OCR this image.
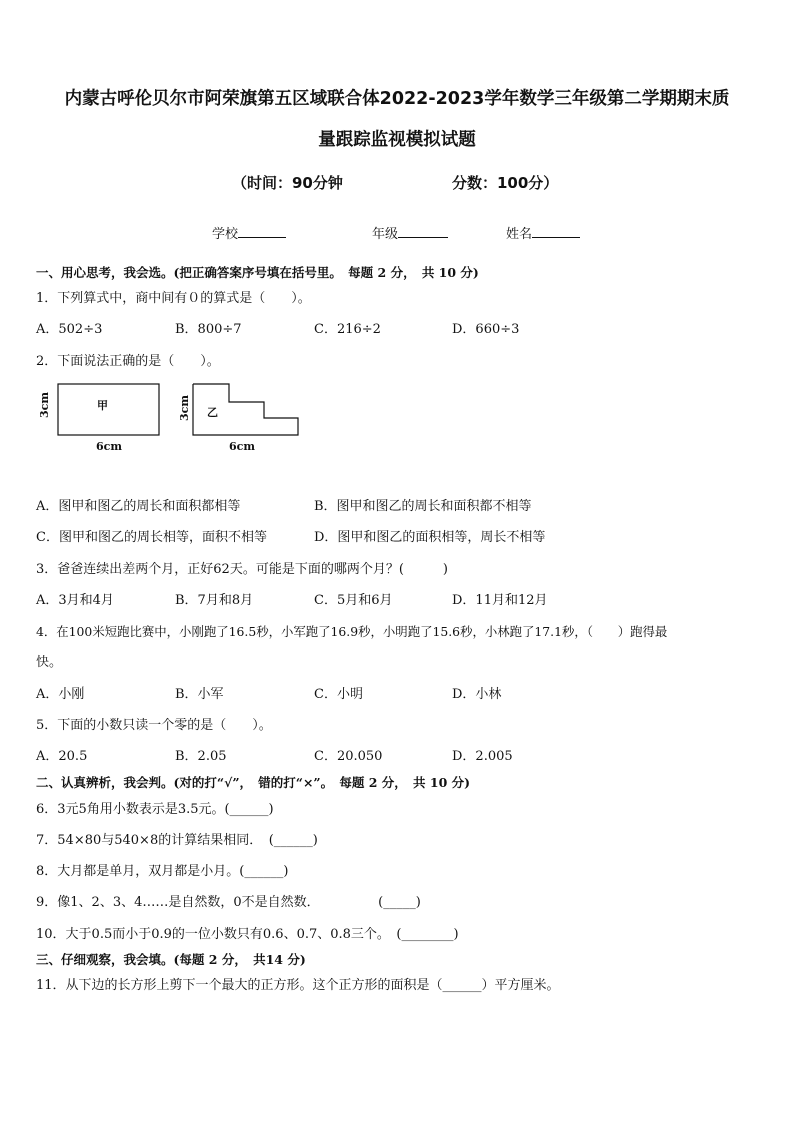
内蒙古呼伦贝尔市阿荣旗第五区域联合体2022-2023学年数学三年级第二学期期末质
量跟踪监视模拟试题
（时间：90分钟	分数：100分）
学校	年级	姓名
一、用心思考，我会选。(把正确答案序号填在括号里。　每题 2 分，　共 10 分)
1．下列算式中，商中间有０的算式是（　　）。
A．502÷3	B．800÷7	C．216÷2	D．660÷3
2．下面说法正确的是（　　）。
甲
乙
3cm
6cm
3cm
6cm
A．图甲和图乙的周长和面积都相等	B．图甲和图乙的周长和面积都不相等
C．图甲和图乙的周长相等，面积不相等	D．图甲和图乙的面积相等，周长不相等
3．爸爸连续出差两个月，正好62天。可能是下面的哪两个月？(　　　)
A．3月和4月	B．7月和8月	C．5月和6月	D．11月和12月
4．在100米短跑比赛中，小刚跑了16.5秒，小军跑了16.9秒，小明跑了15.6秒，小林跑了17.1秒，（　　）跑得最
快。
A．小刚	B．小军	C．小明	D．小林
5．下面的小数只读一个零的是（　　）。
A．20.5	B．2.05	C．20.050	D．2.005
二、认真辨析，我会判。(对的打“√”，　错的打“×”。　每题 2 分，　共 10 分)
6．3元5角用小数表示是3.5元。(______)
7．54×80与540×8的计算结果相同．　(______)
8．大月都是单月，双月都是小月。(______)
9．像1、2、3、4……是自然数，0不是自然数．　　　　　(_____)
10．大于0.5而小于0.9的一位小数只有0.6、0.7、0.8三个。　(________)
三、仔细观察，我会填。(每题 2 分，　共14 分)
11．从下边的长方形上剪下一个最大的正方形。这个正方形的面积是（______）平方厘米。
